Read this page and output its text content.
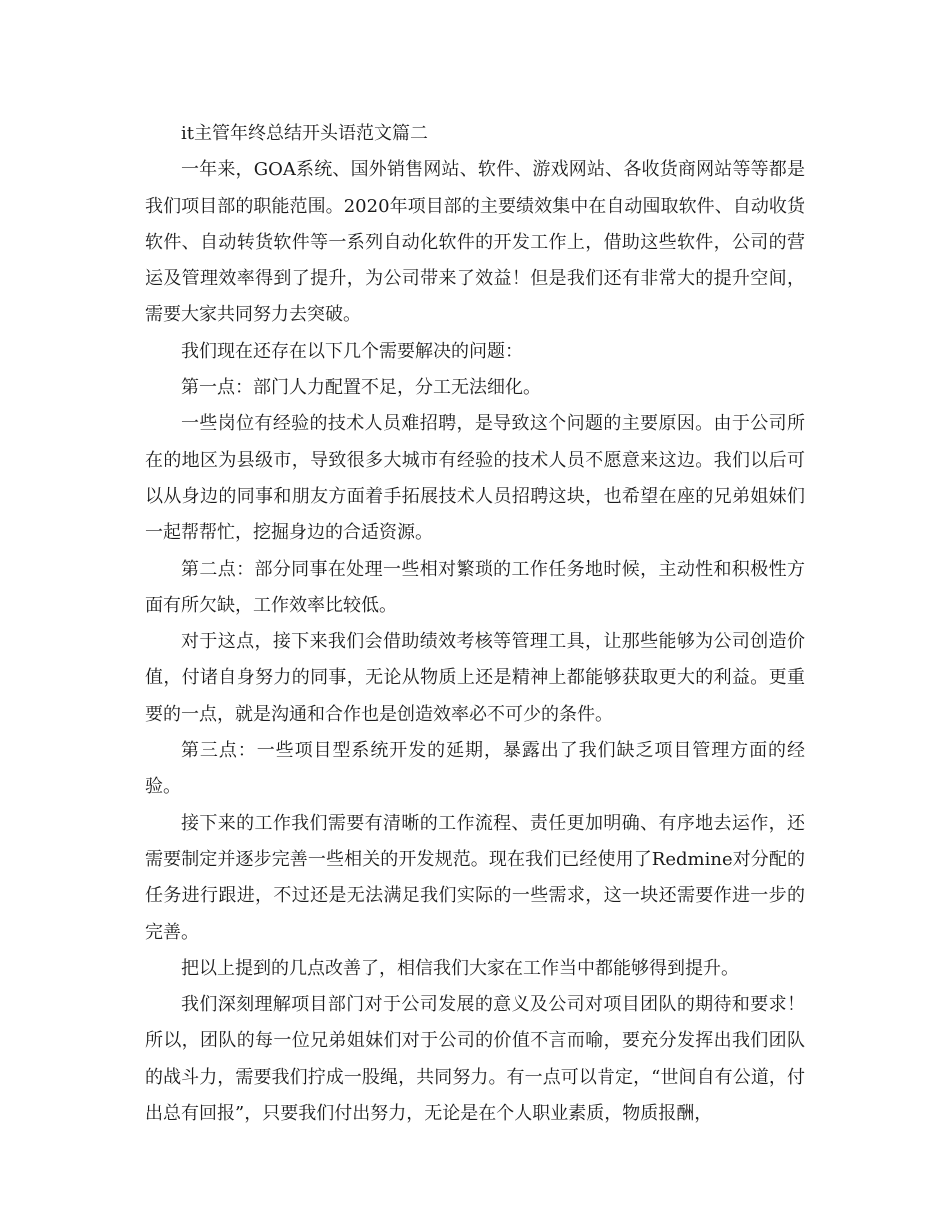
it主管年终总结开头语范文篇二

一年来，GOA系统、国外销售网站、软件、游戏网站、各收货商网站等等都是我们项目部的职能范围。2020年项目部的主要绩效集中在自动囤取软件、自动收货软件、自动转货软件等一系列自动化软件的开发工作上，借助这些软件，公司的营运及管理效率得到了提升，为公司带来了效益！但是我们还有非常大的提升空间，需要大家共同努力去突破。

我们现在还存在以下几个需要解决的问题：

第一点：部门人力配置不足，分工无法细化。

一些岗位有经验的技术人员难招聘，是导致这个问题的主要原因。由于公司所在的地区为县级市，导致很多大城市有经验的技术人员不愿意来这边。我们以后可以从身边的同事和朋友方面着手拓展技术人员招聘这块，也希望在座的兄弟姐妹们一起帮帮忙，挖掘身边的合适资源。

第二点：部分同事在处理一些相对繁琐的工作任务地时候，主动性和积极性方面有所欠缺，工作效率比较低。

对于这点，接下来我们会借助绩效考核等管理工具，让那些能够为公司创造价值，付诸自身努力的同事，无论从物质上还是精神上都能够获取更大的利益。更重要的一点，就是沟通和合作也是创造效率必不可少的条件。

第三点：一些项目型系统开发的延期，暴露出了我们缺乏项目管理方面的经验。

接下来的工作我们需要有清晰的工作流程、责任更加明确、有序地去运作，还需要制定并逐步完善一些相关的开发规范。现在我们已经使用了Redmine对分配的任务进行跟进，不过还是无法满足我们实际的一些需求，这一块还需要作进一步的完善。

把以上提到的几点改善了，相信我们大家在工作当中都能够得到提升。

我们深刻理解项目部门对于公司发展的意义及公司对项目团队的期待和要求！所以，团队的每一位兄弟姐妹们对于公司的价值不言而喻，要充分发挥出我们团队的战斗力，需要我们拧成一股绳，共同努力。有一点可以肯定，“世间自有公道，付出总有回报”，只要我们付出努力，无论是在个人职业素质，物质报酬，
